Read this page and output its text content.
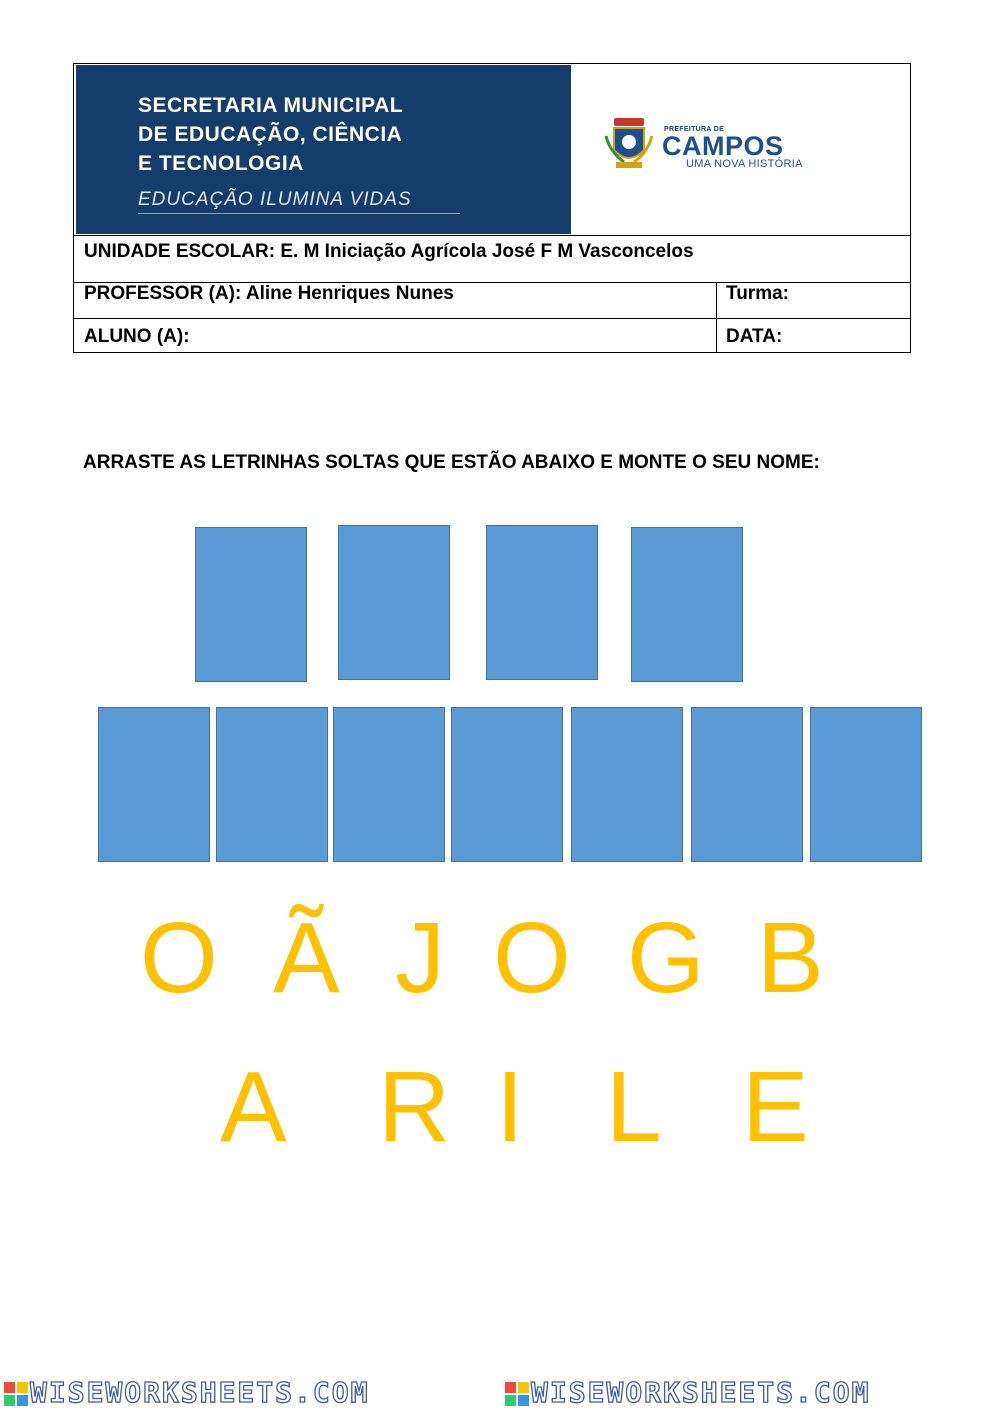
SECRETARIA MUNICIPAL
DE EDUCAÇÃO, CIÊNCIA
E TECNOLOGIA
EDUCAÇÃO ILUMINA VIDAS
PREFEITURA DE
CAMPOS
UMA NOVA HISTÓRIA
UNIDADE ESCOLAR: E. M Iniciação Agrícola José F M Vasconcelos
PROFESSOR (A): Aline Henriques Nunes
ALUNO (A):
Turma:
DATA:
ARRASTE AS LETRINHAS SOLTAS QUE ESTÃO ABAIXO E MONTE O SEU NOME:
O Ã J O G B
A R I L E
WISEWORKSHEETS.COM	WISEWORKSHEETS.COM
